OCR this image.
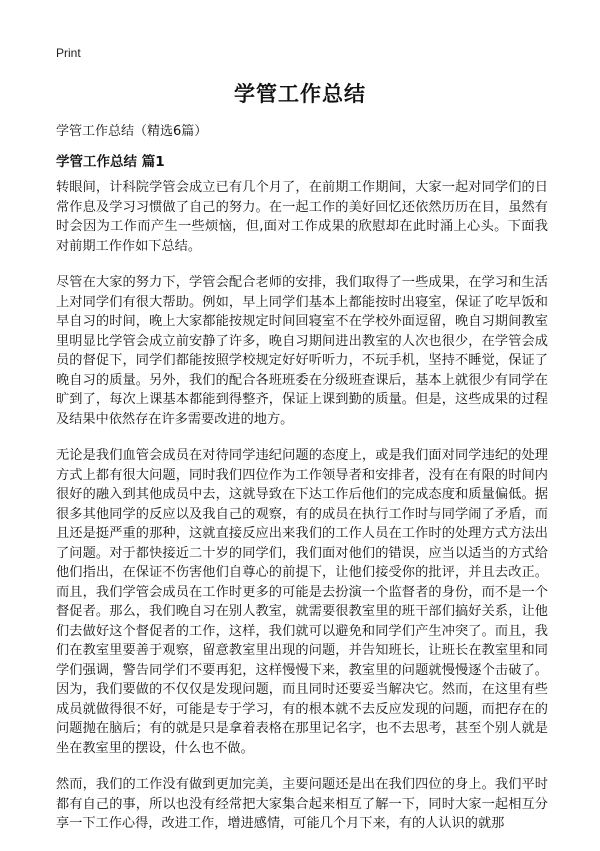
Print
学管工作总结

学管工作总结（精选6篇）

学管工作总结 篇1

转眼间，计科院学管会成立已有几个月了，在前期工作期间，大家一起对同学们的日常作息及学习习惯做了自己的努力。在一起工作的美好回忆还依然历历在目，虽然有时会因为工作而产生一些烦恼，但,面对工作成果的欣慰却在此时涌上心头。下面我对前期工作作如下总结。

尽管在大家的努力下，学管会配合老师的安排，我们取得了一些成果，在学习和生活上对同学们有很大帮助。例如，早上同学们基本上都能按时出寝室，保证了吃早饭和早自习的时间，晚上大家都能按规定时间回寝室不在学校外面逗留，晚自习期间教室里明显比学管会成立前安静了许多，晚自习期间进出教室的人次也很少，在学管会成员的督促下，同学们都能按照学校规定好好听听力，不玩手机，坚持不睡觉，保证了晚自习的质量。另外，我们的配合各班班委在分级班查课后，基本上就很少有同学在旷到了，每次上课基本都能到得整齐，保证上课到勤的质量。但是，这些成果的过程及结果中依然存在许多需要改进的地方。

无论是我们血管会成员在对待同学违纪问题的态度上，或是我们面对同学违纪的处理方式上都有很大问题，同时我们四位作为工作领导者和安排者，没有在有限的时间内很好的融入到其他成员中去，这就导致在下达工作后他们的完成态度和质量偏低。据很多其他同学的反应以及我自己的观察，有的成员在执行工作时与同学闹了矛盾，而且还是挺严重的那种，这就直接反应出来我们的工作人员在工作时的处理方式方法出了问题。对于都快接近二十岁的同学们，我们面对他们的错误，应当以适当的方式给他们指出，在保证不伤害他们自尊心的前提下，让他们接受你的批评，并且去改正。而且，我们学管会成员在工作时更多的可能是去扮演一个监督者的身份，而不是一个督促者。那么，我们晚自习在别人教室，就需要很教室里的班干部们搞好关系，让他们去做好这个督促者的工作，这样，我们就可以避免和同学们产生冲突了。而且，我们在教室里要善于观察，留意教室里出现的问题，并告知班长，让班长在教室里和同学们强调，警告同学们不要再犯，这样慢慢下来，教室里的问题就慢慢逐个击破了。因为，我们要做的不仅仅是发现问题，而且同时还要妥当解决它。然而，在这里有些成员就做得很不好，可能是专于学习，有的根本就不去反应发现的问题，而把存在的问题抛在脑后；有的就是只是拿着表格在那里记名字，也不去思考，甚至个别人就是坐在教室里的摆设，什么也不做。

然而，我们的工作没有做到更加完美，主要问题还是出在我们四位的身上。我们平时都有自己的事，所以也没有经常把大家集合起来相互了解一下，同时大家一起相互分享一下工作心得，改进工作，增进感情，可能几个月下来，有的人认识的就那
